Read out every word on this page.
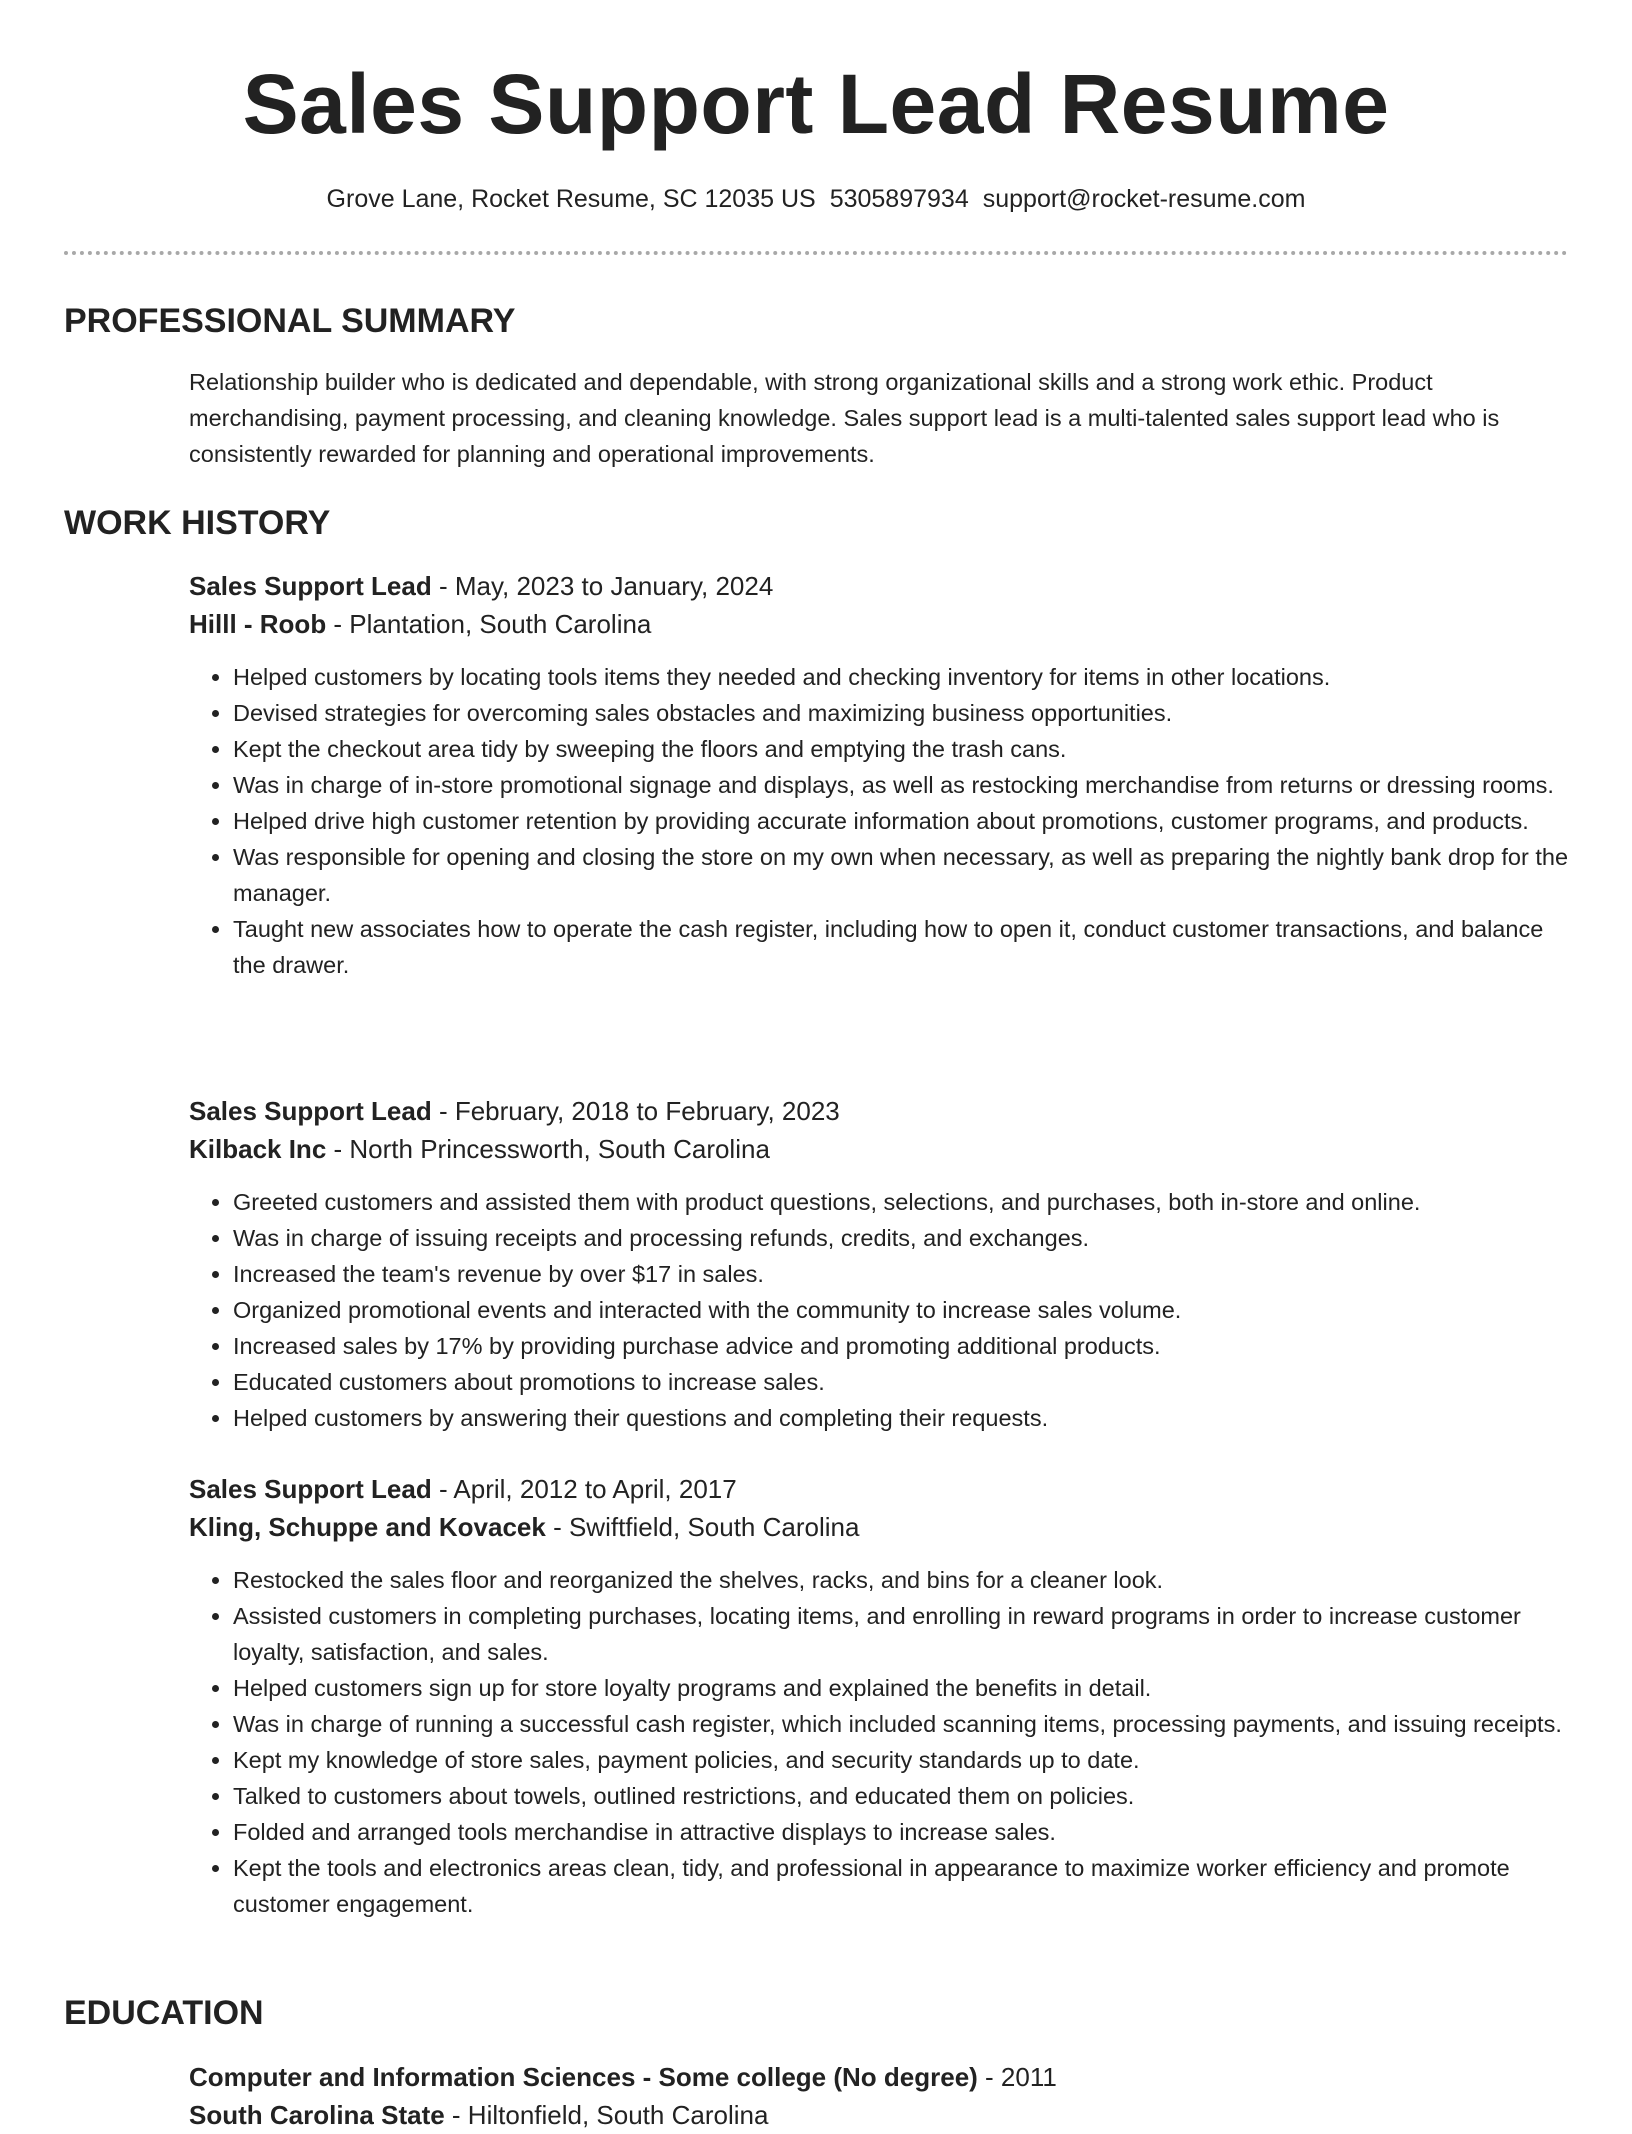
Sales Support Lead Resume
Grove Lane, Rocket Resume, SC 12035 US 5305897934 support@rocket-resume.com
PROFESSIONAL SUMMARY

Relationship builder who is dedicated and dependable, with strong organizational skills and a strong work ethic. Product merchandising, payment processing, and cleaning knowledge. Sales support lead is a multi-talented sales support lead who is consistently rewarded for planning and operational improvements.

WORK HISTORY
Sales Support Lead - May, 2023 to January, 2024
Hilll - Roob - Plantation, South Carolina
• Helped customers by locating tools items they needed and checking inventory for items in other locations.
• Devised strategies for overcoming sales obstacles and maximizing business opportunities.
• Kept the checkout area tidy by sweeping the floors and emptying the trash cans.
• Was in charge of in-store promotional signage and displays, as well as restocking merchandise from returns or dressing rooms.
• Helped drive high customer retention by providing accurate information about promotions, customer programs, and products.
• Was responsible for opening and closing the store on my own when necessary, as well as preparing the nightly bank drop for the manager.
• Taught new associates how to operate the cash register, including how to open it, conduct customer transactions, and balance the drawer.
Sales Support Lead - February, 2018 to February, 2023
Kilback Inc - North Princessworth, South Carolina
• Greeted customers and assisted them with product questions, selections, and purchases, both in-store and online.
• Was in charge of issuing receipts and processing refunds, credits, and exchanges.
• Increased the team's revenue by over $17 in sales.
• Organized promotional events and interacted with the community to increase sales volume.
• Increased sales by 17% by providing purchase advice and promoting additional products.
• Educated customers about promotions to increase sales.
• Helped customers by answering their questions and completing their requests.
Sales Support Lead - April, 2012 to April, 2017
Kling, Schuppe and Kovacek - Swiftfield, South Carolina
• Restocked the sales floor and reorganized the shelves, racks, and bins for a cleaner look.
• Assisted customers in completing purchases, locating items, and enrolling in reward programs in order to increase customer loyalty, satisfaction, and sales.
• Helped customers sign up for store loyalty programs and explained the benefits in detail.
• Was in charge of running a successful cash register, which included scanning items, processing payments, and issuing receipts.
• Kept my knowledge of store sales, payment policies, and security standards up to date.
• Talked to customers about towels, outlined restrictions, and educated them on policies.
• Folded and arranged tools merchandise in attractive displays to increase sales.
• Kept the tools and electronics areas clean, tidy, and professional in appearance to maximize worker efficiency and promote customer engagement.
EDUCATION
Computer and Information Sciences - Some college (No degree) - 2011
South Carolina State - Hiltonfield, South Carolina
